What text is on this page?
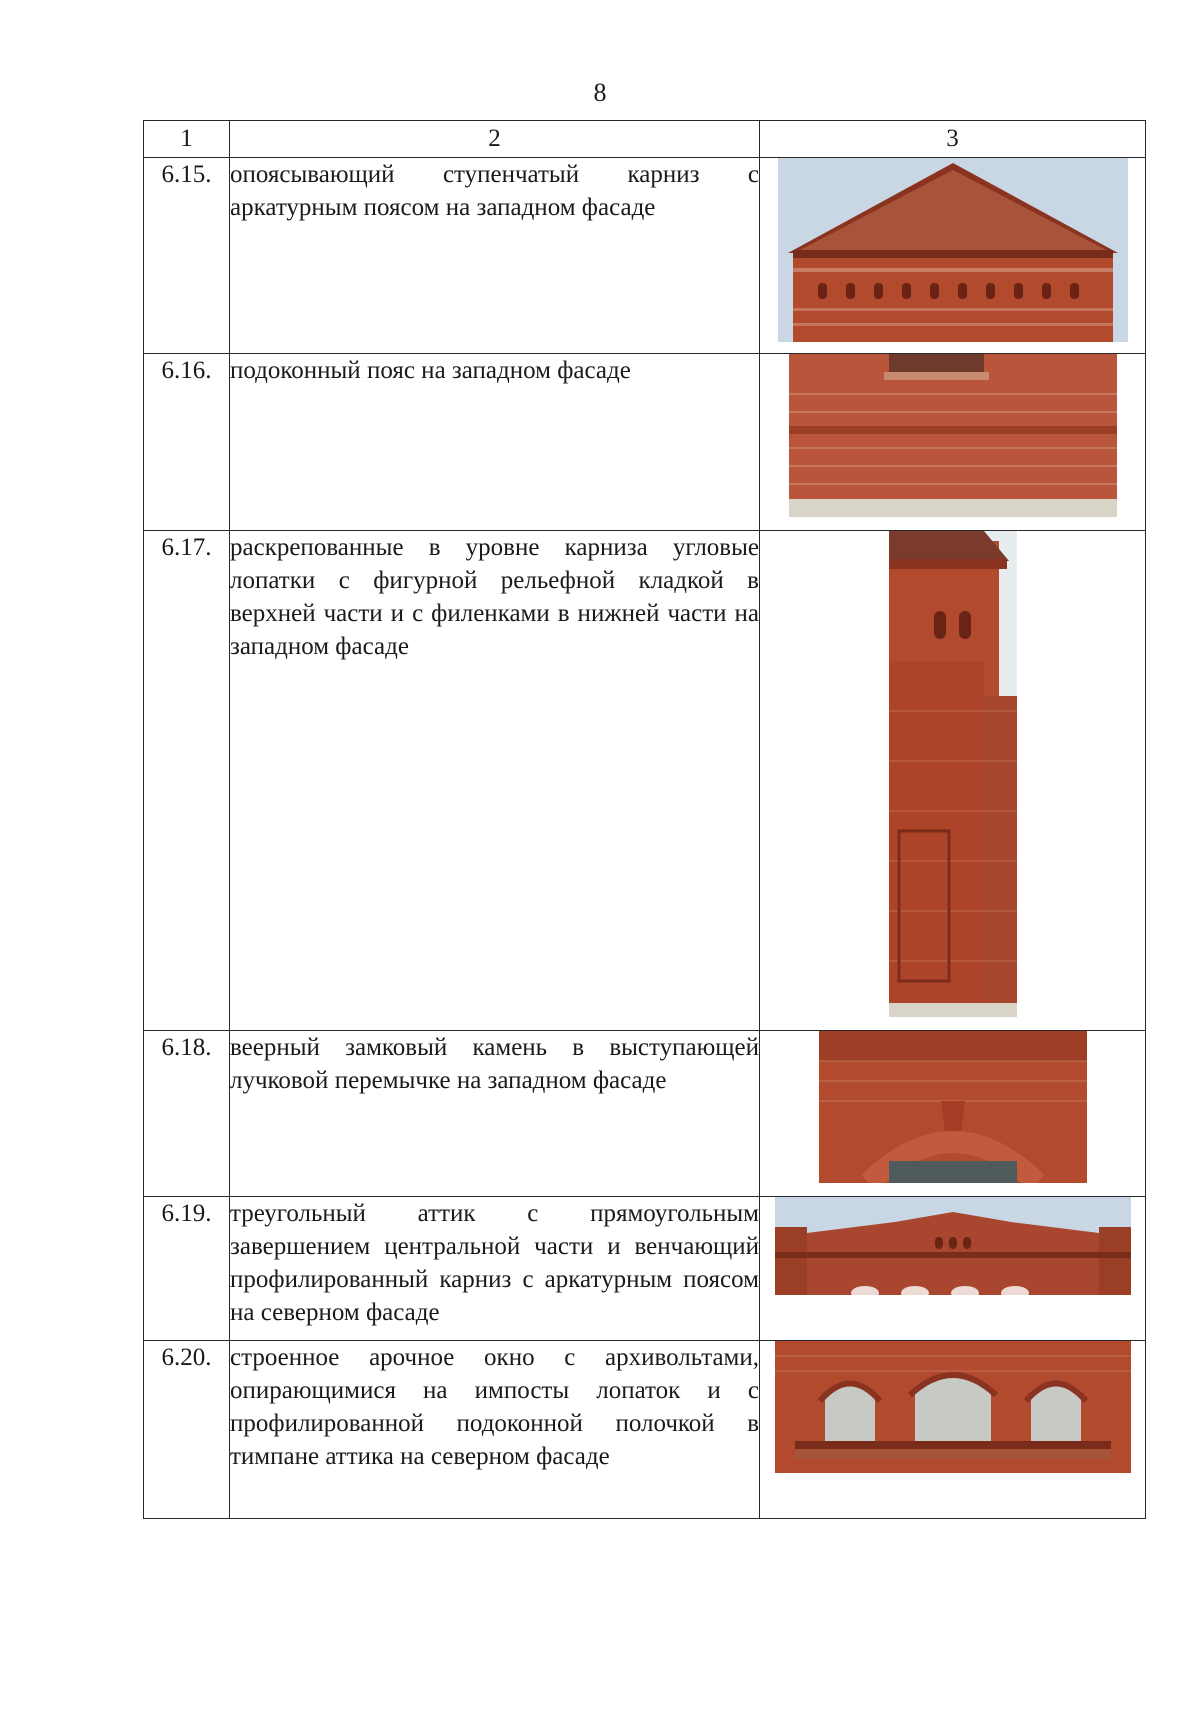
8
1	2	3
6.15.	опоясывающий ступенчатый карниз с аркатурным поясом на западном фасаде	

6.16.	подоконный пояс на западном фасаде	

6.17.	раскрепованные в уровне карниза угловые лопатки с фигурной рельефной кладкой в верхней части и с филенками в нижней части на западном фасаде	

6.18.	веерный замковый камень в выступающей лучковой перемычке на западном фасаде	

6.19.	треугольный аттик с прямоугольным завершением центральной части и венчающий профилированный карниз с аркатурным поясом на северном фасаде	

6.20.	строенное арочное окно с архивольтами, опирающимися на импосты лопаток и с профилированной подоконной полочкой в тимпане аттика на северном фасаде	
